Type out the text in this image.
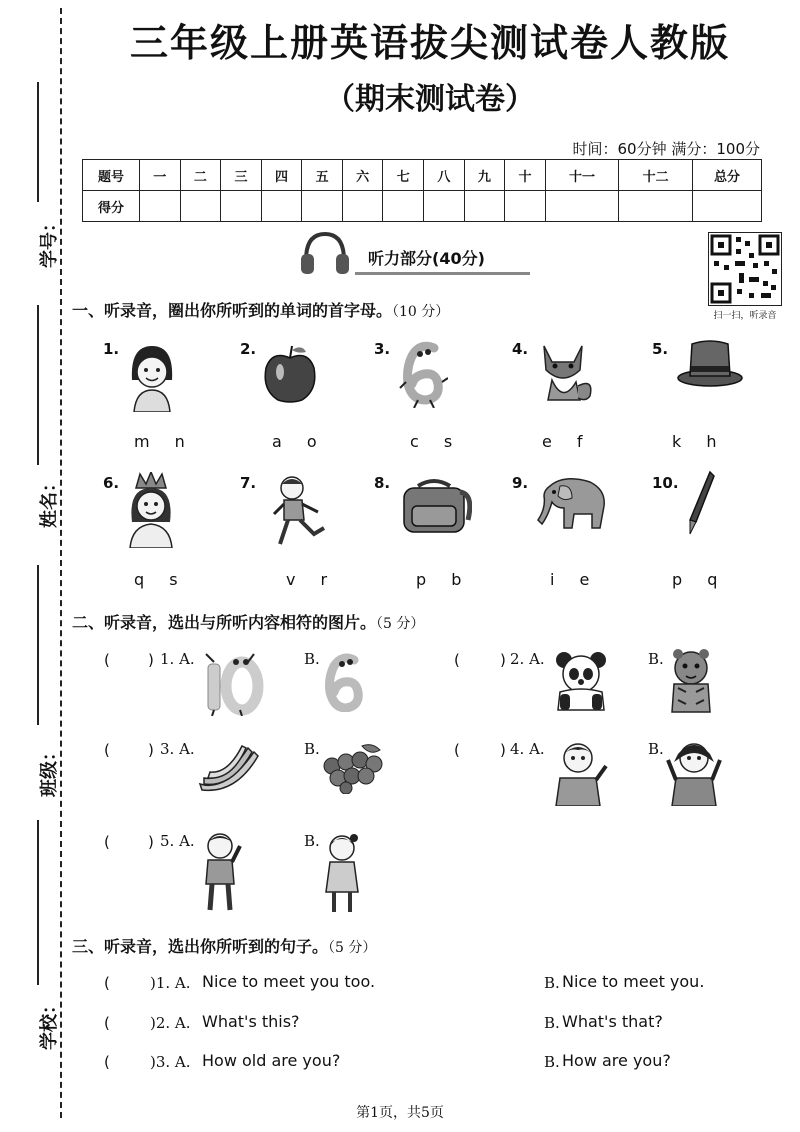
学号：
姓名：
班级：
学校：
三年级上册英语拔尖测试卷人教版
（期末测试卷）
时间：60分钟 满分：100分
题号	一	二	三	四	五	六	七	八	九	十	十一	十二	总分
得分													
听力部分(40分)
扫一扫，听录音
一、听录音，圈出你所听到的单词的首字母。（10 分）
1.
m n
2.
a o
3.
c s
4.
e f
5.
k h
6.
q s
7.
v r
8.
p b
9.
i e
10.
p q
二、听录音，选出与所听内容相符的图片。（5 分）
(	) 1. A.	B.	(	) 2. A.	B.
(	) 3. A.	B.	(	) 4. A.	B.
(	) 5. A.	B.
三、听录音，选出你所听到的句子。（5 分）
(	)1. A. Nice to meet you too.	B. Nice to meet you.
(	)2. A. What's this?	B. What's that?
(	)3. A. How old are you?	B. How are you?
第1页，共5页
